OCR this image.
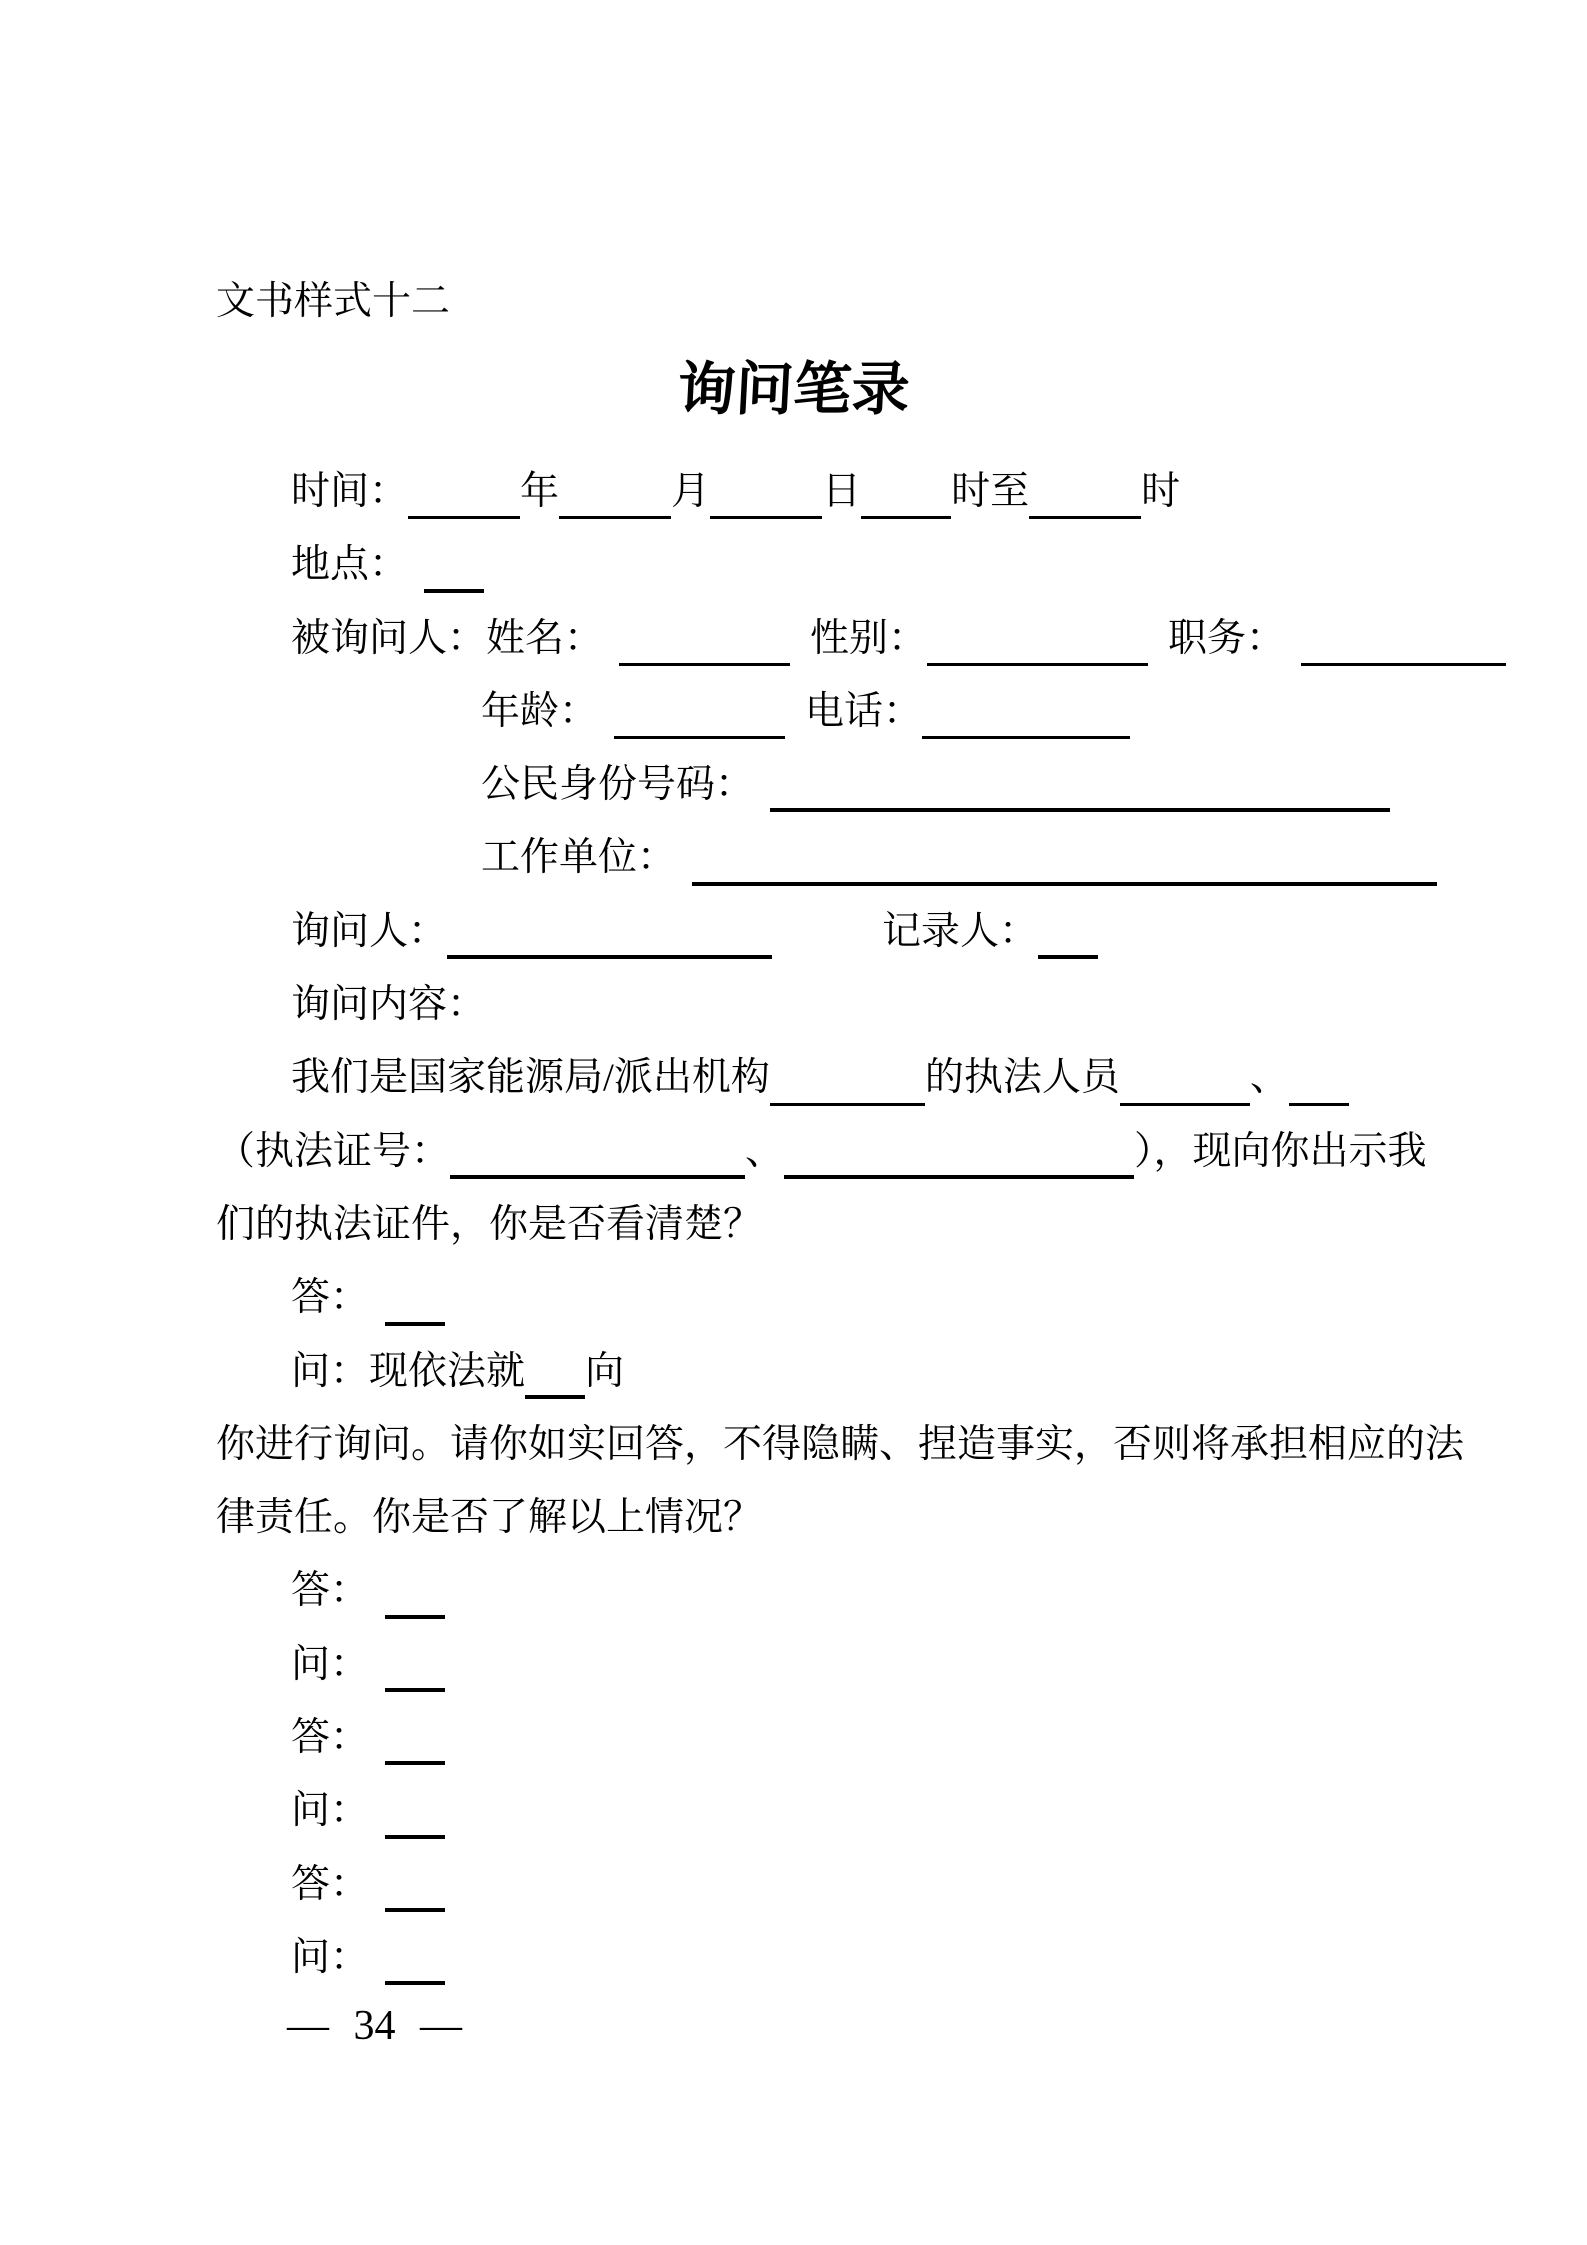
文书样式十二
询问笔录
时间：	年	月	日 时至	时
地点：
被询问人： 姓名：	性别：	职务：
年龄：	电话：
公民身份号码：
工作单位：
询问人：	记录人：
询问内容：
我们是国家能源局/派出机构	的执法人员	、
（执法证号：	、	），现向你出示我
们的执法证件，你是否看清楚？
答：
问：现依法就 向
你进行询问。请你如实回答，不得隐瞒、捏造事实，否则将承担相应的法
律责任。你是否了解以上情况？
答：
问：
答：
问：
答：
问：
— 34 —
